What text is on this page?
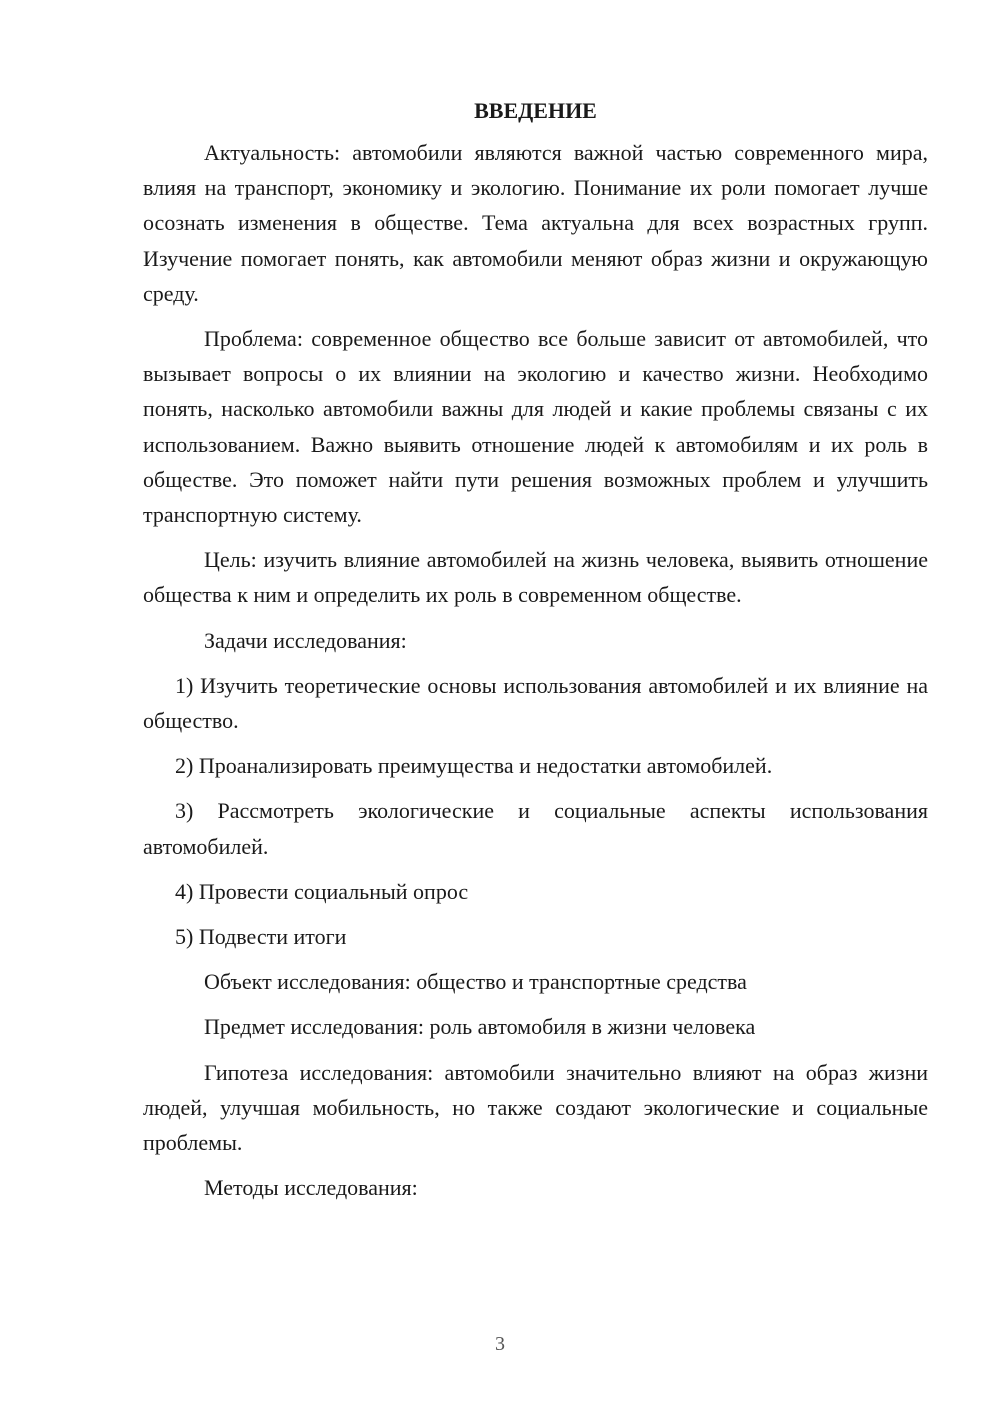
ВВЕДЕНИЕ

Актуальность: автомобили являются важной частью современного мира, влияя на транспорт, экономику и экологию. Понимание их роли помогает лучше осознать изменения в обществе. Тема актуальна для всех возрастных групп. Изучение помогает понять, как автомобили меняют образ жизни и окружающую среду.

Проблема: современное общество все больше зависит от автомобилей, что вызывает вопросы о их влиянии на экологию и качество жизни. Необходимо понять, насколько автомобили важны для людей и какие проблемы связаны с их использованием. Важно выявить отношение людей к автомобилям и их роль в обществе. Это поможет найти пути решения возможных проблем и улучшить транспортную систему.

Цель: изучить влияние автомобилей на жизнь человека, выявить отношение общества к ним и определить их роль в современном обществе.

Задачи исследования:

1) Изучить теоретические основы использования автомобилей и их влияние на общество.

2) Проанализировать преимущества и недостатки автомобилей.

3) Рассмотреть экологические и социальные аспекты использования автомобилей.

4) Провести социальный опрос

5) Подвести итоги

Объект исследования: общество и транспортные средства

Предмет исследования: роль автомобиля в жизни человека

Гипотеза исследования: автомобили значительно влияют на образ жизни людей, улучшая мобильность, но также создают экологические и социальные проблемы.

Методы исследования:

3
